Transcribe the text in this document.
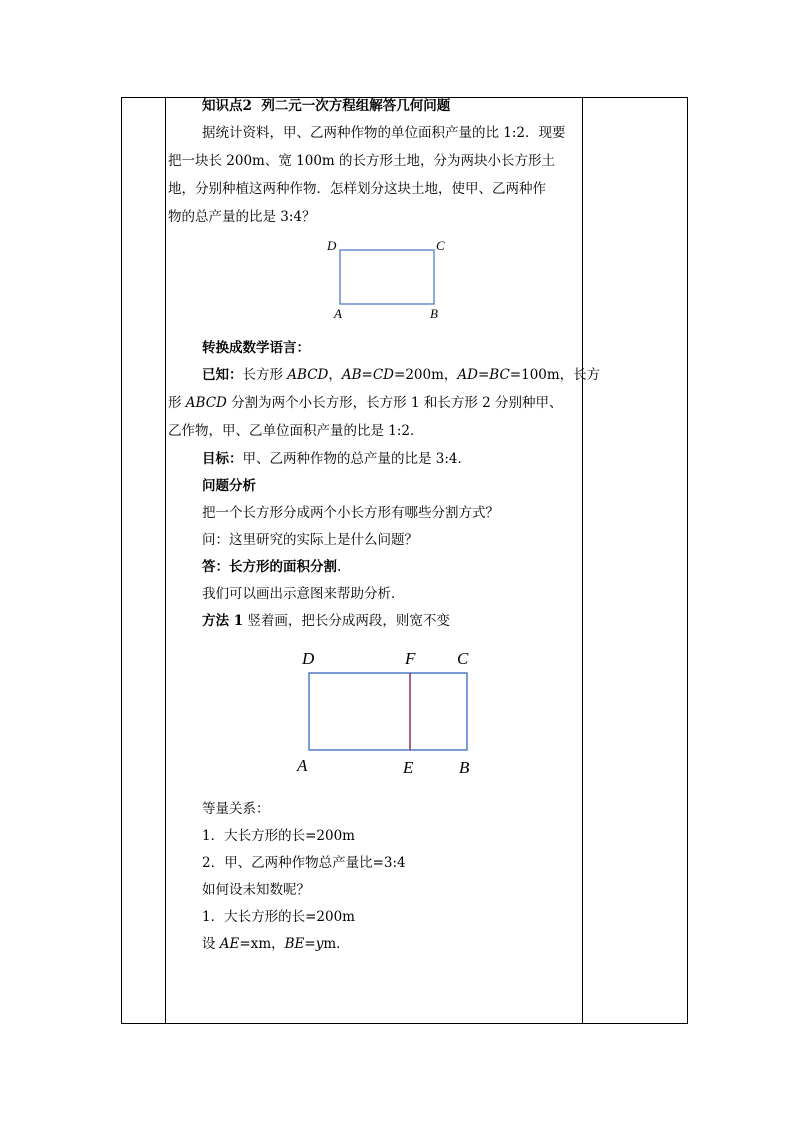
知识点2 列二元一次方程组解答几何问题
据统计资料，甲、乙两种作物的单位面积产量的比 1:2．现要
把一块长 200m、宽 100m 的长方形土地，分为两块小长方形土
地，分别种植这两种作物．怎样划分这块土地，使甲、乙两种作
物的总产量的比是 3:4？
D	C
A	B
转换成数学语言：
已知：长方形 ABCD，AB=CD=200m，AD=BC=100m，长方
形 ABCD 分割为两个小长方形，长方形 1 和长方形 2 分别种甲、
乙作物，甲、乙单位面积产量的比是 1:2．
目标：甲、乙两种作物的总产量的比是 3:4．
问题分析
把一个长方形分成两个小长方形有哪些分割方式？
问：这里研究的实际上是什么问题？
答：长方形的面积分割.
我们可以画出示意图来帮助分析．
方法 1 竖着画，把长分成两段，则宽不变
D	F C
A	E	B
等量关系：
1．大长方形的长=200m
2．甲、乙两种作物总产量比=3:4
如何设未知数呢？
1．大长方形的长=200m
设 AE=xm，BE=ym．
